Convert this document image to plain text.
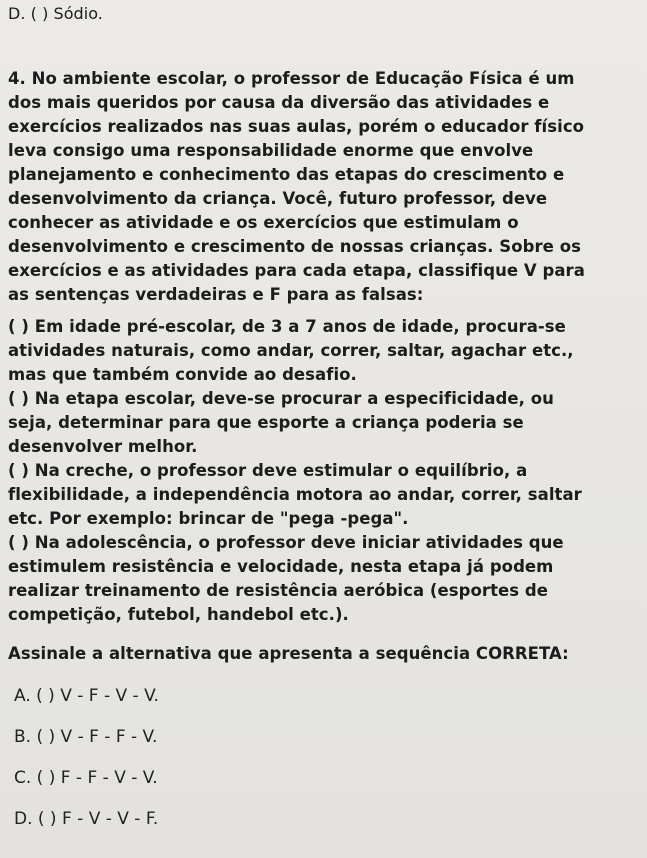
D. ( ) Sódio.
4. No ambiente escolar, o professor de Educação Física é um
dos mais queridos por causa da diversão das atividades e
exercícios realizados nas suas aulas, porém o educador físico
leva consigo uma responsabilidade enorme que envolve
planejamento e conhecimento das etapas do crescimento e
desenvolvimento da criança. Você, futuro professor, deve
conhecer as atividade e os exercícios que estimulam o
desenvolvimento e crescimento de nossas crianças. Sobre os
exercícios e as atividades para cada etapa, classifique V para
as sentenças verdadeiras e F para as falsas:
( ) Em idade pré-escolar, de 3 a 7 anos de idade, procura-se
atividades naturais, como andar, correr, saltar, agachar etc.,
mas que também convide ao desafio.
( ) Na etapa escolar, deve-se procurar a especificidade, ou
seja, determinar para que esporte a criança poderia se
desenvolver melhor.
( ) Na creche, o professor deve estimular o equilíbrio, a
flexibilidade, a independência motora ao andar, correr, saltar
etc. Por exemplo: brincar de "pega -pega".
( ) Na adolescência, o professor deve iniciar atividades que
estimulem resistência e velocidade, nesta etapa já podem
realizar treinamento de resistência aeróbica (esportes de
competição, futebol, handebol etc.).
Assinale a alternativa que apresenta a sequência CORRETA:
A. ( ) V - F - V - V.
B. ( ) V - F - F - V.
C. ( ) F - F - V - V.
D. ( ) F - V - V - F.
